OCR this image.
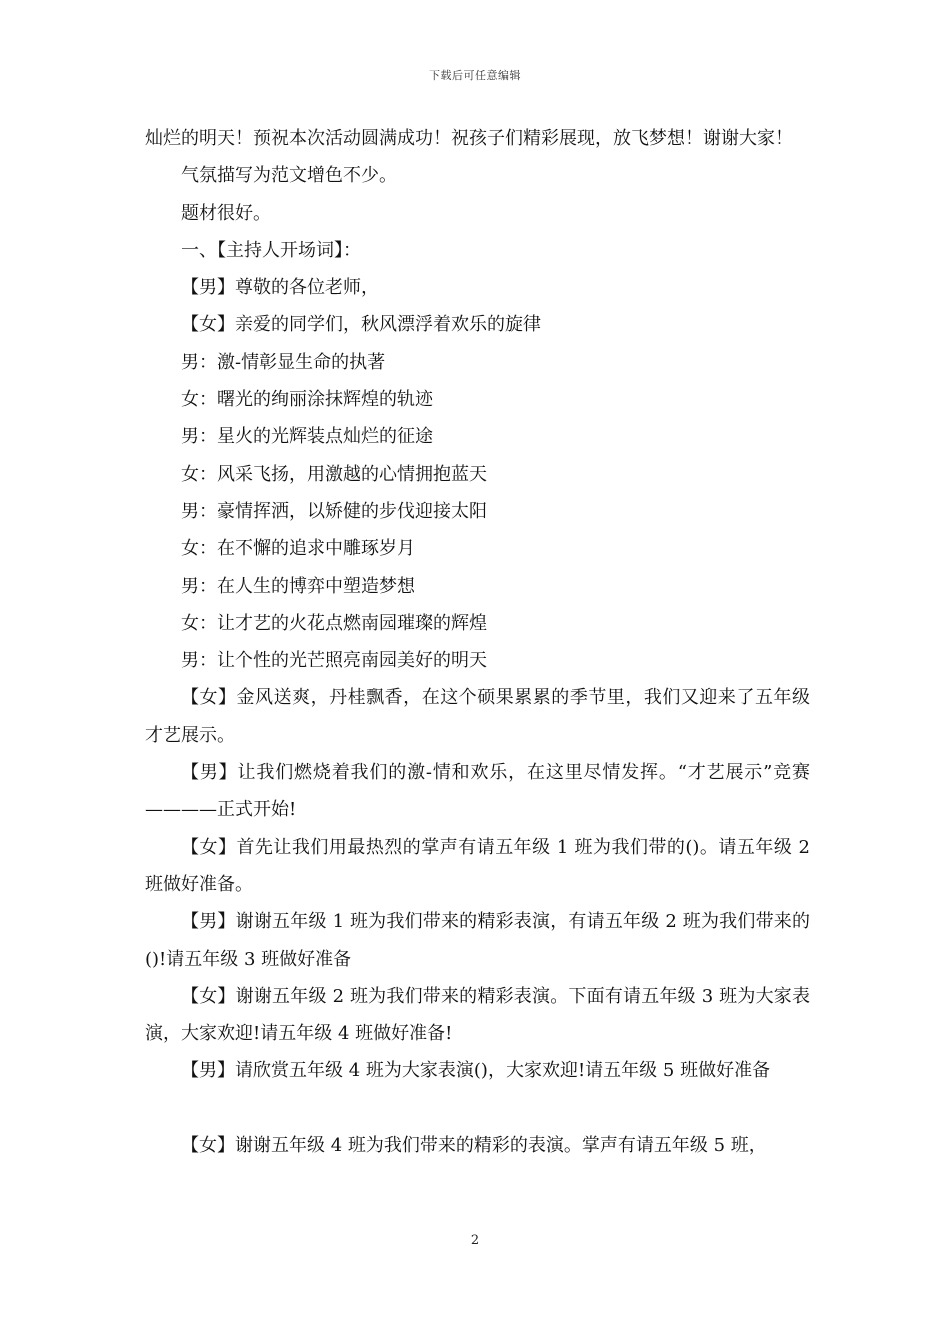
下载后可任意编辑

灿烂的明天！预祝本次活动圆满成功！祝孩子们精彩展现，放飞梦想！谢谢大家！

气氛描写为范文增色不少。

题材很好。

一、【主持人开场词】：

【男】尊敬的各位老师，

【女】亲爱的同学们，秋风漂浮着欢乐的旋律

男：激-情彰显生命的执著

女：曙光的绚丽涂抹辉煌的轨迹

男：星火的光辉装点灿烂的征途

女：风采飞扬，用激越的心情拥抱蓝天

男：豪情挥洒，以矫健的步伐迎接太阳

女：在不懈的追求中雕琢岁月

男：在人生的博弈中塑造梦想

女：让才艺的火花点燃南园璀璨的辉煌

男：让个性的光芒照亮南园美好的明天

【女】金风送爽，丹桂飘香，在这个硕果累累的季节里，我们又迎来了五年级才艺展示。

【男】让我们燃烧着我们的激-情和欢乐，在这里尽情发挥。“才艺展示”竞赛————正式开始!

【女】首先让我们用最热烈的掌声有请五年级 1 班为我们带的()。请五年级 2 班做好准备。

【男】谢谢五年级 1 班为我们带来的精彩表演，有请五年级 2 班为我们带来的()!请五年级 3 班做好准备

【女】谢谢五年级 2 班为我们带来的精彩表演。下面有请五年级 3 班为大家表演，大家欢迎!请五年级 4 班做好准备!

【男】请欣赏五年级 4 班为大家表演()，大家欢迎!请五年级 5 班做好准备

【女】谢谢五年级 4 班为我们带来的精彩的表演。掌声有请五年级 5 班，

2
